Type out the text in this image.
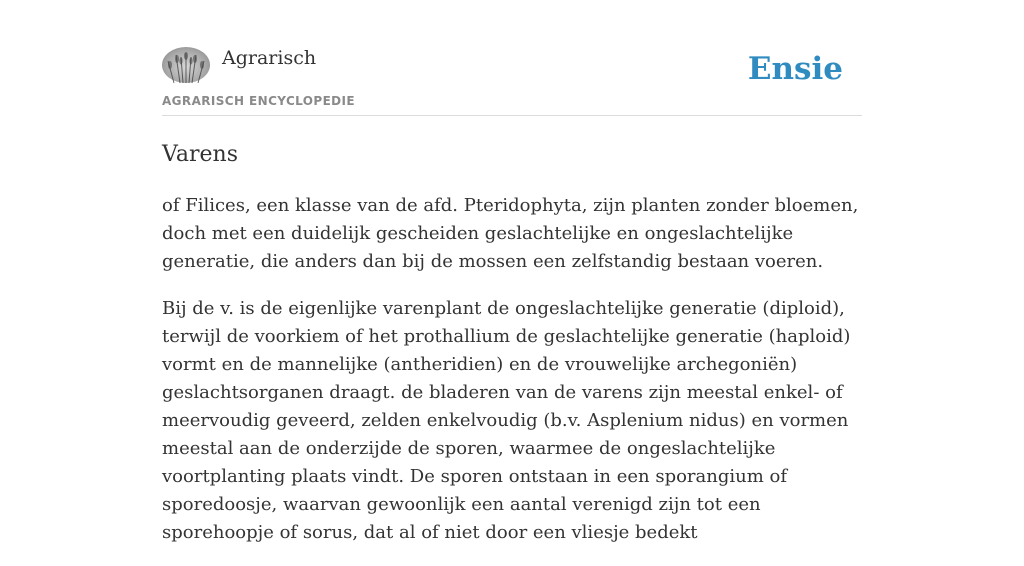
Agrarisch
AGRARISCH ENCYCLOPEDIE
Ensie
Varens

of Filices, een klasse van de afd. Pteridophyta, zijn planten zonder bloemen, doch met een duidelijk gescheiden geslachtelijke en ongeslachtelijke generatie, die anders dan bij de mossen een zelfstandig bestaan voeren.

Bij de v. is de eigenlijke varenplant de ongeslachtelijke generatie (diploid), terwijl de voorkiem of het prothallium de geslachtelijke generatie (haploid) vormt en de mannelijke (antheridien) en de vrouwelijke archegoniën) geslachtsorganen draagt. de bladeren van de varens zijn meestal enkel- of meervoudig geveerd, zelden enkelvoudig (b.v. Asplenium nidus) en vormen meestal aan de onderzijde de sporen, waarmee de ongeslachtelijke voortplanting plaats vindt. De sporen ontstaan in een sporangium of sporedoosje, waarvan gewoonlijk een aantal verenigd zijn tot een sporehoopje of sorus, dat al of niet door een vliesje bedekt
